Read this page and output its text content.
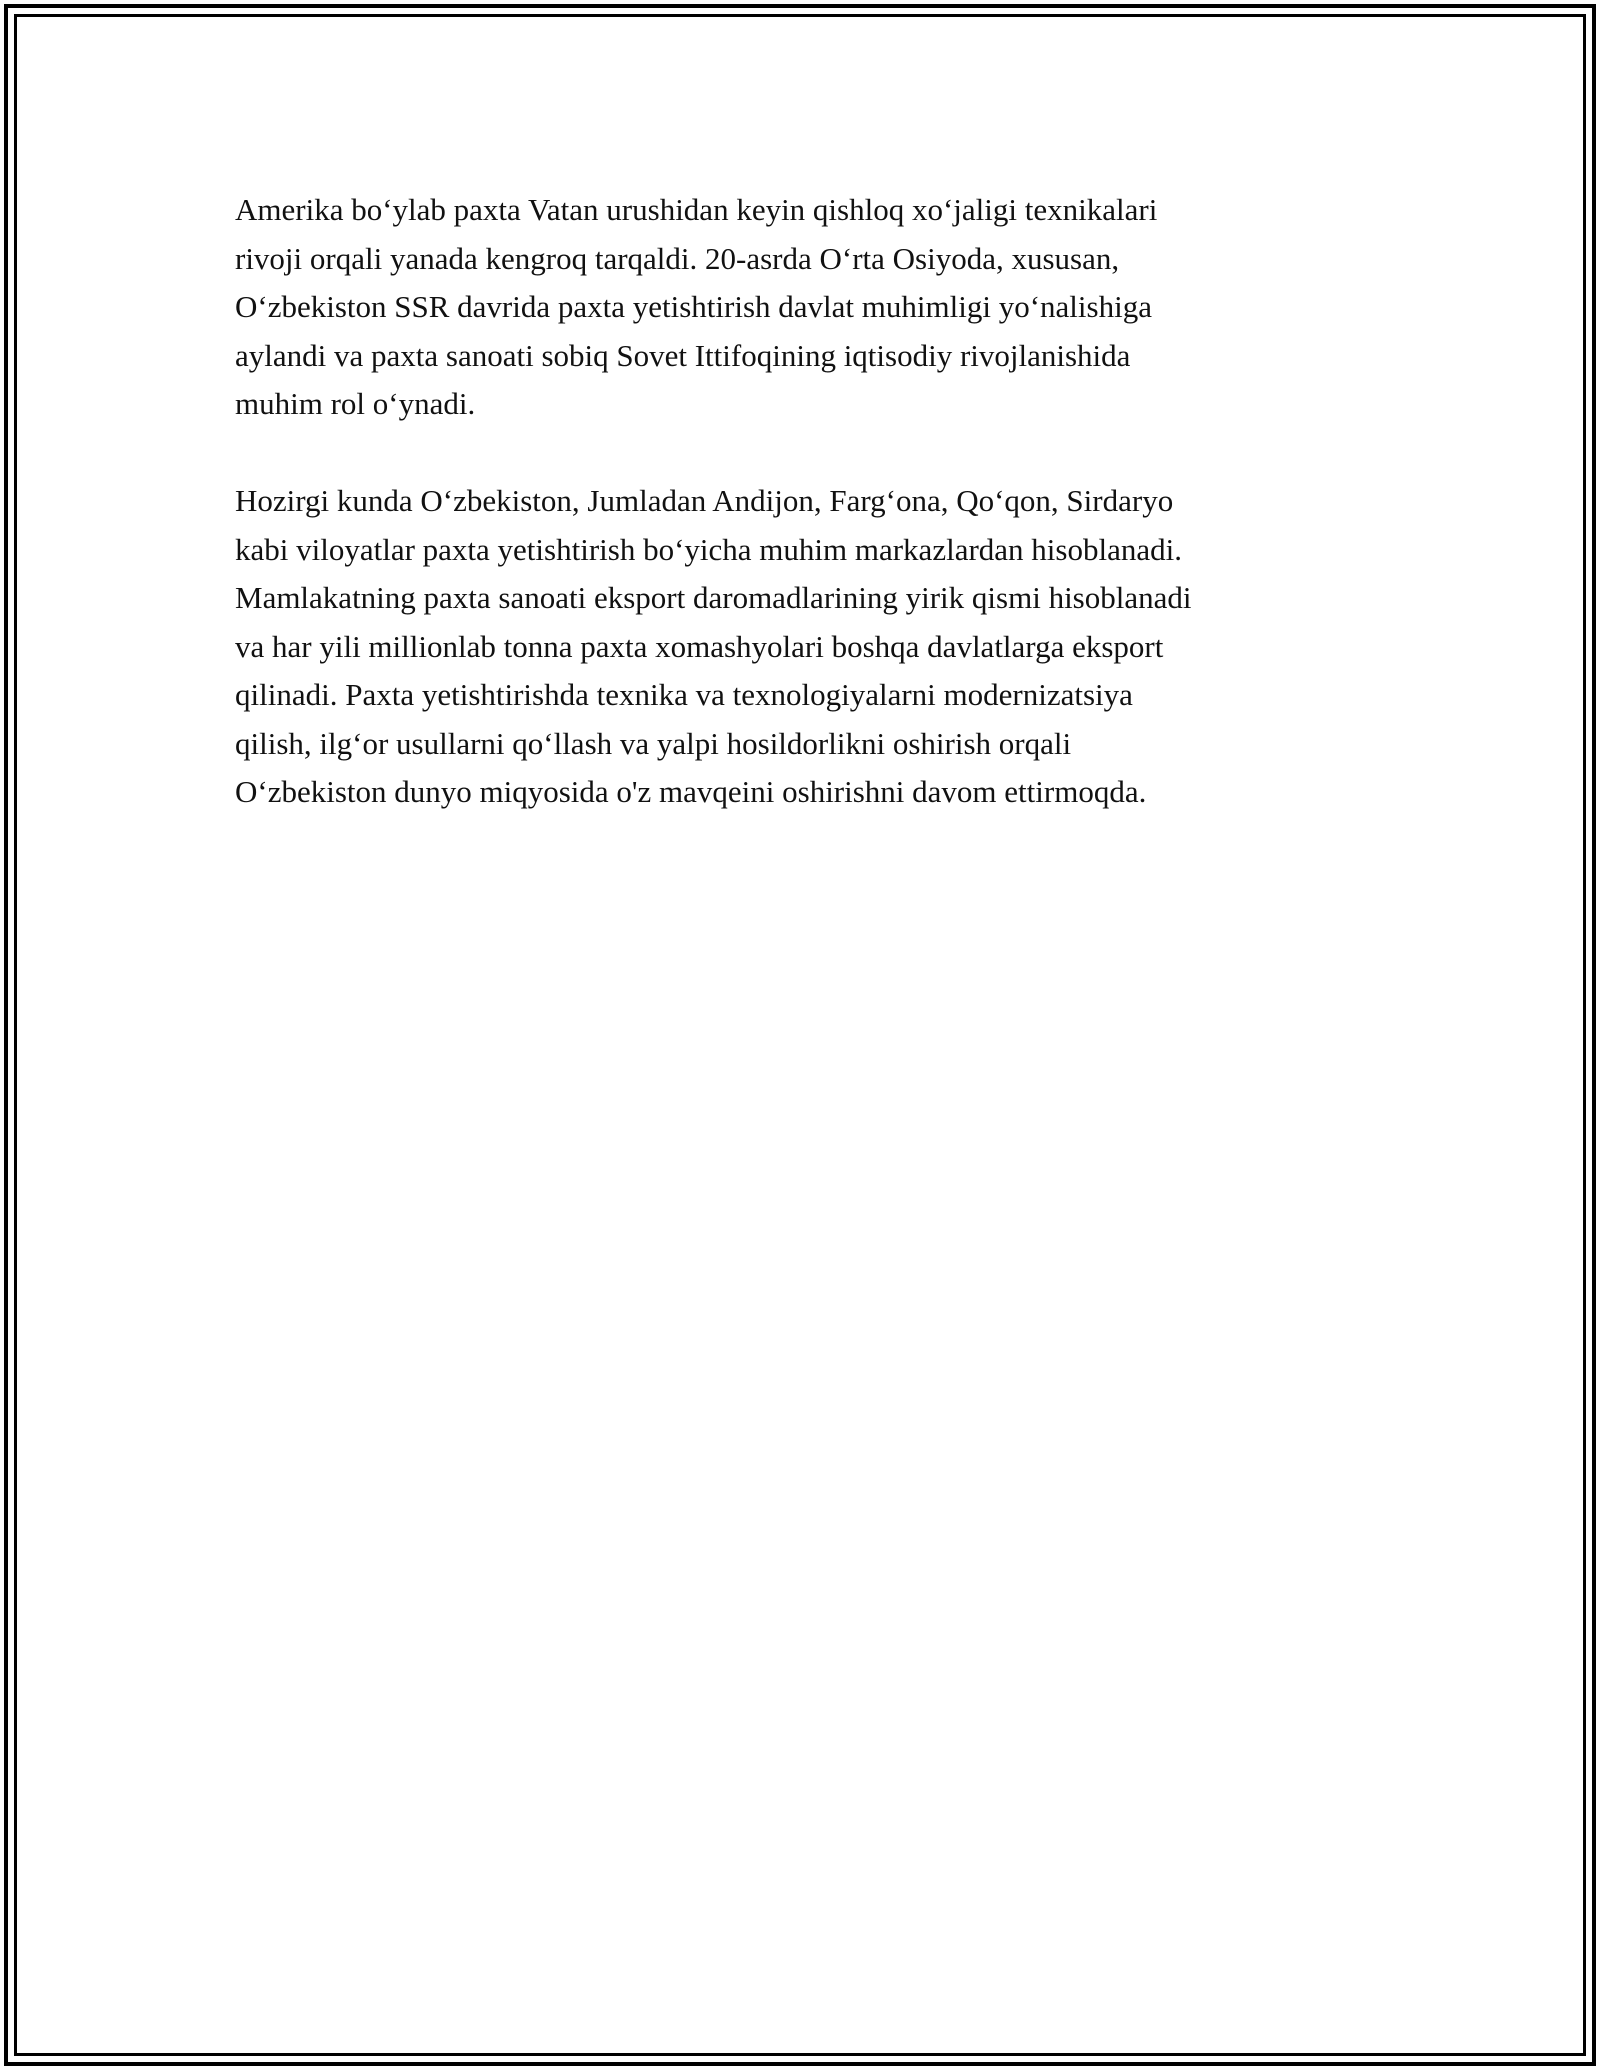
Amerika bo‘ylab paxta Vatan urushidan keyin qishloq xo‘jaligi texnikalari
rivoji orqali yanada kengroq tarqaldi. 20-asrda O‘rta Osiyoda, xususan,
O‘zbekiston SSR davrida paxta yetishtirish davlat muhimligi yo‘nalishiga
aylandi va paxta sanoati sobiq Sovet Ittifoqining iqtisodiy rivojlanishida
muhim rol o‘ynadi.

Hozirgi kunda O‘zbekiston, Jumladan Andijon, Farg‘ona, Qo‘qon, Sirdaryo
kabi viloyatlar paxta yetishtirish bo‘yicha muhim markazlardan hisoblanadi.
Mamlakatning paxta sanoati eksport daromadlarining yirik qismi hisoblanadi
va har yili millionlab tonna paxta xomashyolari boshqa davlatlarga eksport
qilinadi. Paxta yetishtirishda texnika va texnologiyalarni modernizatsiya
qilish, ilg‘or usullarni qo‘llash va yalpi hosildorlikni oshirish orqali
O‘zbekiston dunyo miqyosida o'z mavqeini oshirishni davom ettirmoqda.
